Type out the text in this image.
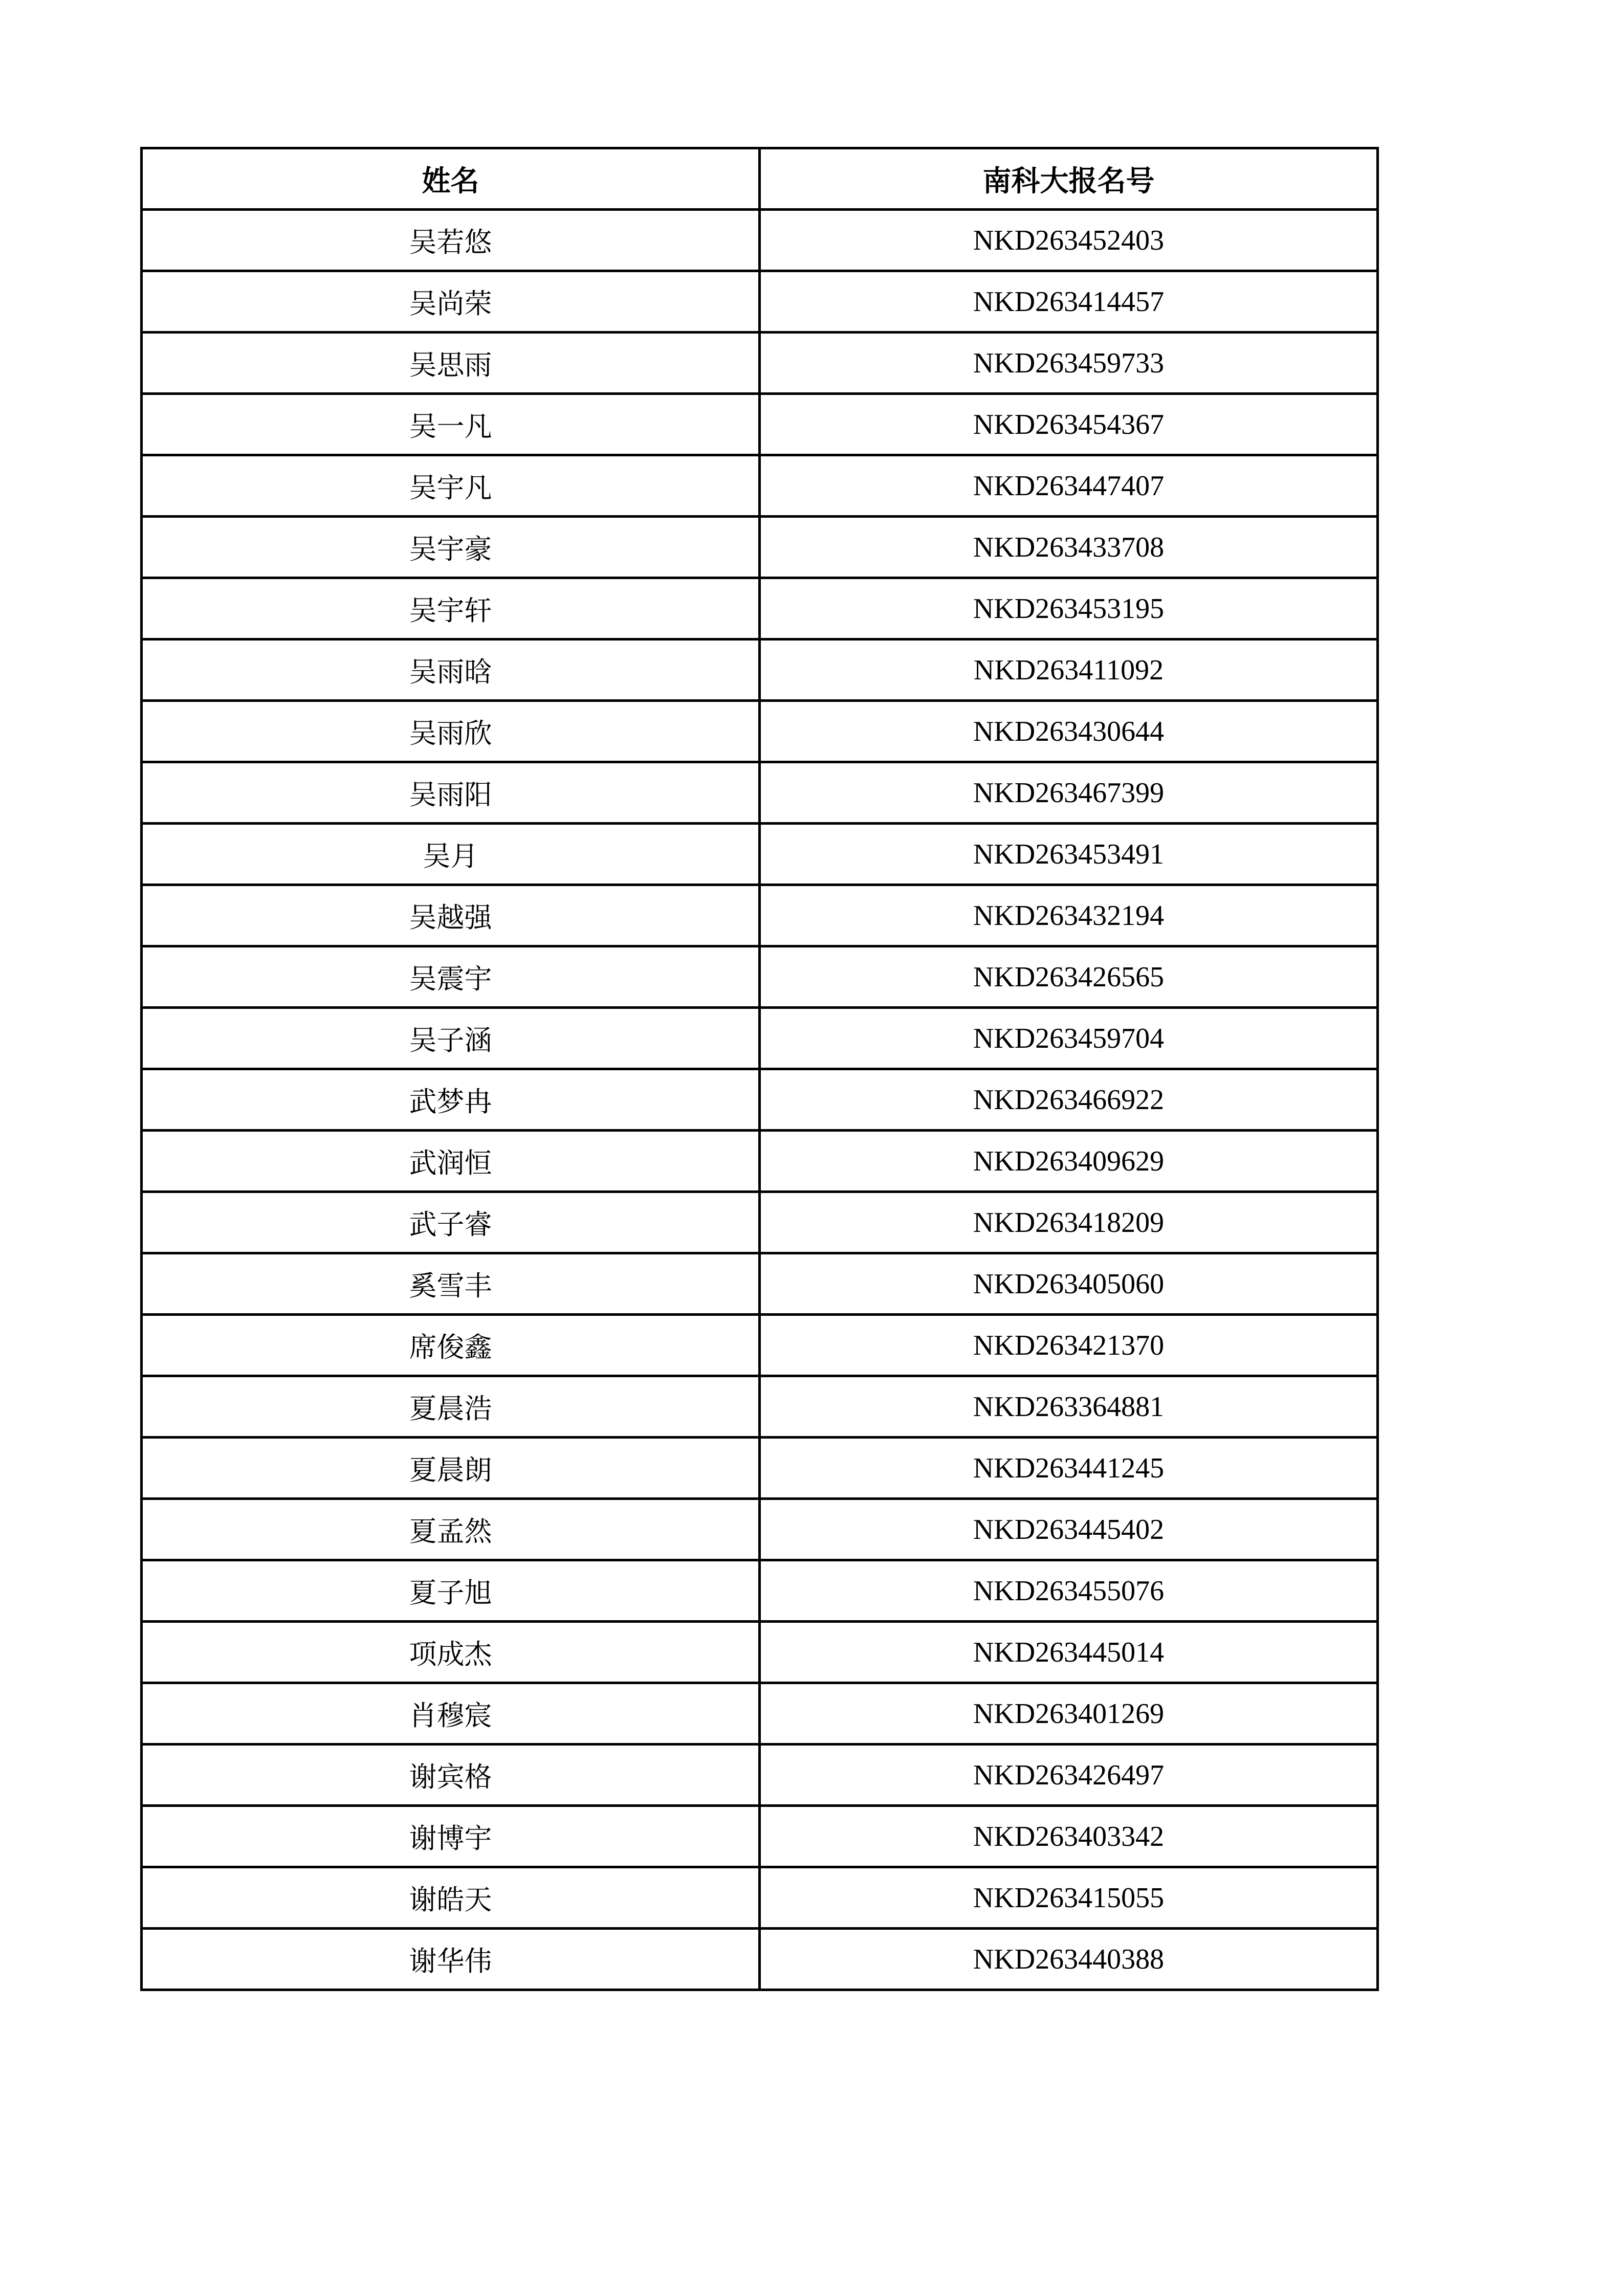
姓名	南科大报名号
吴若悠	NKD263452403
吴尚荣	NKD263414457
吴思雨	NKD263459733
吴一凡	NKD263454367
吴宇凡	NKD263447407
吴宇豪	NKD263433708
吴宇轩	NKD263453195
吴雨晗	NKD263411092
吴雨欣	NKD263430644
吴雨阳	NKD263467399
吴月	NKD263453491
吴越强	NKD263432194
吴震宇	NKD263426565
吴子涵	NKD263459704
武梦冉	NKD263466922
武润恒	NKD263409629
武子睿	NKD263418209
奚雪丰	NKD263405060
席俊鑫	NKD263421370
夏晨浩	NKD263364881
夏晨朗	NKD263441245
夏孟然	NKD263445402
夏子旭	NKD263455076
项成杰	NKD263445014
肖穆宸	NKD263401269
谢宾格	NKD263426497
谢博宇	NKD263403342
谢皓天	NKD263415055
谢华伟	NKD263440388
